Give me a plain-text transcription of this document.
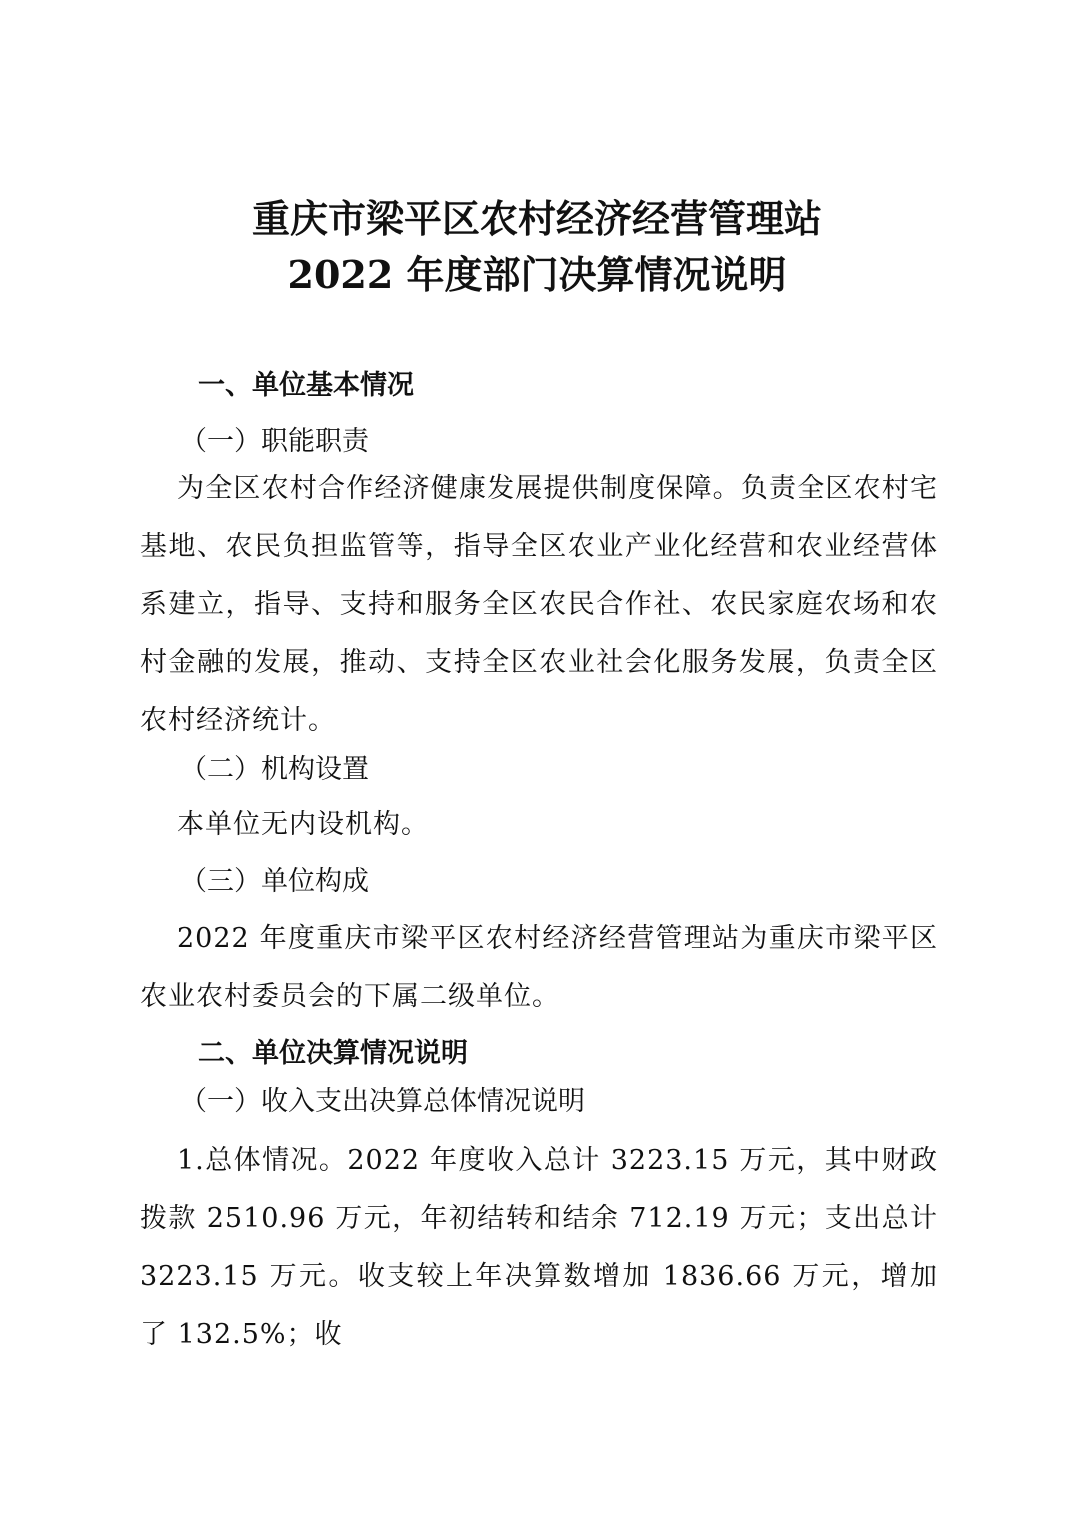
重庆市梁平区农村经济经营管理站
2022 年度部门决算情况说明
一、单位基本情况
（一）职能职责

为全区农村合作经济健康发展提供制度保障。负责全区农村宅基地、农民负担监管等，指导全区农业产业化经营和农业经营体系建立，指导、支持和服务全区农民合作社、农民家庭农场和农村金融的发展，推动、支持全区农业社会化服务发展，负责全区农村经济统计。

（二）机构设置

本单位无内设机构。

（三）单位构成

2022 年度重庆市梁平区农村经济经营管理站为重庆市梁平区农业农村委员会的下属二级单位。

二、单位决算情况说明
（一）收入支出决算总体情况说明

1.总体情况。2022 年度收入总计 3223.15 万元，其中财政拨款 2510.96 万元，年初结转和结余 712.19 万元；支出总计 3223.15 万元。收支较上年决算数增加 1836.66 万元，增加了 132.5%；收
